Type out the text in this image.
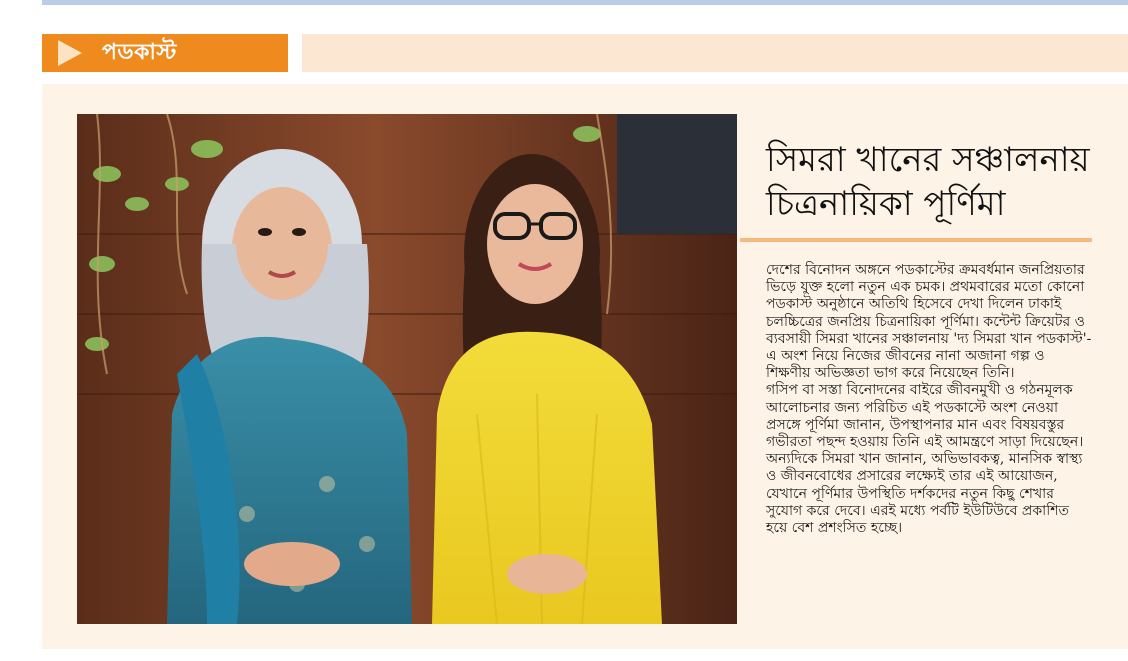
পডকাস্ট
সিমরা খানের সঞ্চালনায় চিত্রনায়িকা পূর্ণিমা

দেশের বিনোদন অঙ্গনে পডকাস্টের ক্রমবর্ধমান জনপ্রিয়তার ভিড়ে যুক্ত হলো নতুন এক চমক। প্রথমবারের মতো কোনো পডকাস্ট অনুষ্ঠানে অতিথি হিসেবে দেখা দিলেন ঢাকাই চলচ্চিত্রের জনপ্রিয় চিত্রনায়িকা পূর্ণিমা। কন্টেন্ট ক্রিয়েটর ও ব্যবসায়ী সিমরা খানের সঞ্চালনায় 'দ্য সিমরা খান পডকাস্ট'-এ অংশ নিয়ে নিজের জীবনের নানা অজানা গল্প ও শিক্ষণীয় অভিজ্ঞতা ভাগ করে নিয়েছেন তিনি।

গসিপ বা সস্তা বিনোদনের বাইরে জীবনমুখী ও গঠনমূলক আলোচনার জন্য পরিচিত এই পডকাস্টে অংশ নেওয়া প্রসঙ্গে পূর্ণিমা জানান, উপস্থাপনার মান এবং বিষয়বস্তুর গভীরতা পছন্দ হওয়ায় তিনি এই আমন্ত্রণে সাড়া দিয়েছেন। অন্যদিকে সিমরা খান জানান, অভিভাবকত্ব, মানসিক স্বাস্থ্য ও জীবনবোধের প্রসারের লক্ষ্যেই তার এই আয়োজন, যেখানে পূর্ণিমার উপস্থিতি দর্শকদের নতুন কিছু শেখার সুযোগ করে দেবে। এরই মধ্যে পর্বটি ইউটিউবে প্রকাশিত হয়ে বেশ প্রশংসিত হচ্ছে।
